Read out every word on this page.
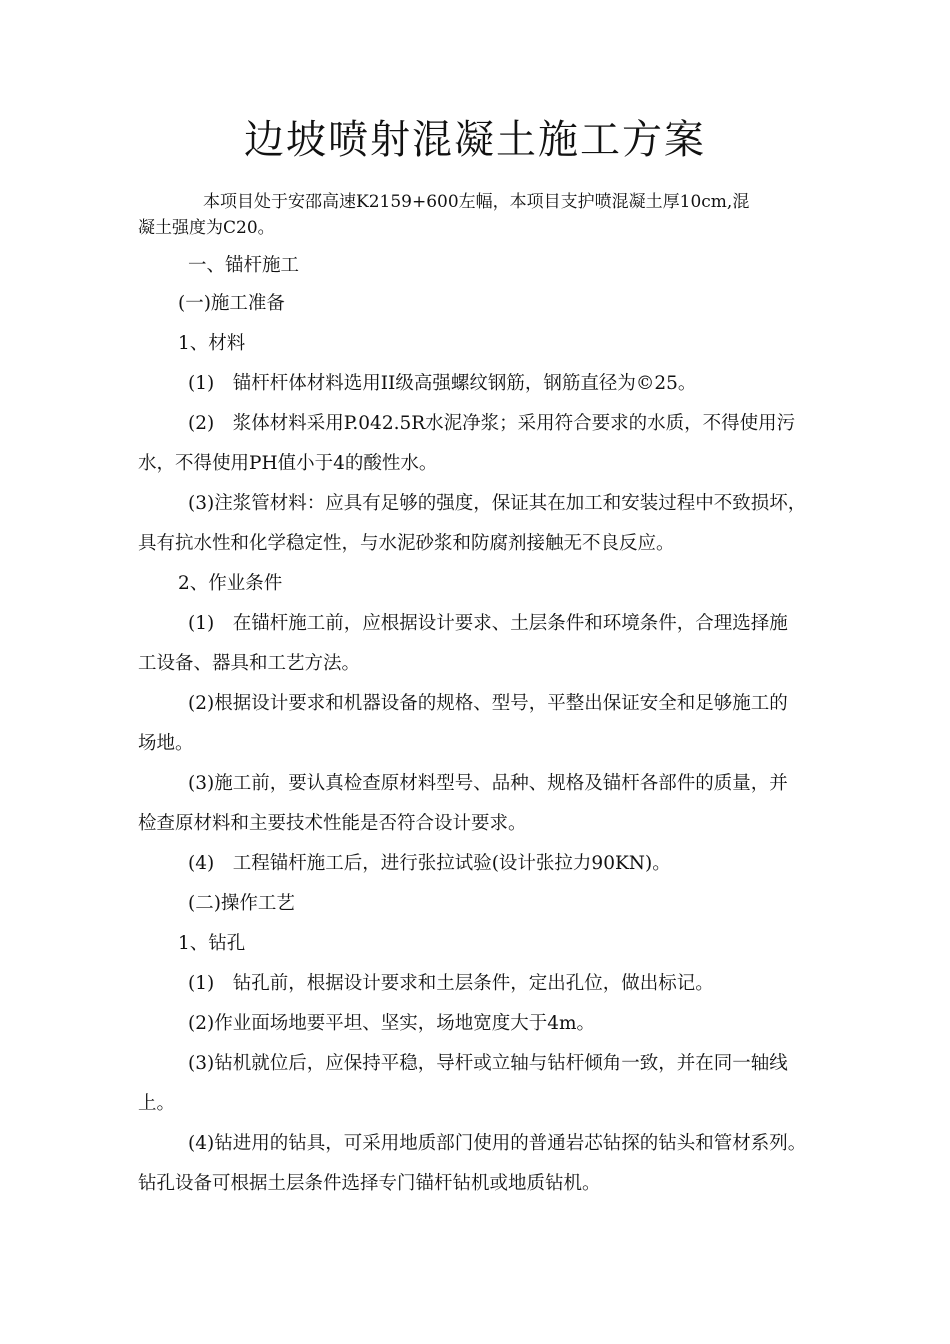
边坡喷射混凝土施工方案
本项目处于安邵高速K2159+600左幅，本项目支护喷混凝土厚10cm,混
凝土强度为C20。
一、锚杆施工
(一)施工准备
1、材料
(1)　锚杆杆体材料选用II级高强螺纹钢筋，钢筋直径为©25。
(2)　浆体材料采用P.042.5R水泥净浆；采用符合要求的水质，不得使用污
水，不得使用PH值小于4的酸性水。
(3)注浆管材料：应具有足够的强度，保证其在加工和安装过程中不致损坏，
具有抗水性和化学稳定性，与水泥砂浆和防腐剂接触无不良反应。
2、作业条件
(1)　在锚杆施工前，应根据设计要求、土层条件和环境条件，合理选择施
工设备、器具和工艺方法。
(2)根据设计要求和机器设备的规格、型号，平整出保证安全和足够施工的
场地。
(3)施工前，要认真检查原材料型号、品种、规格及锚杆各部件的质量，并
检查原材料和主要技术性能是否符合设计要求。
(4)　工程锚杆施工后，进行张拉试验(设计张拉力90KN)。
(二)操作工艺
1、钻孔
(1)　钻孔前，根据设计要求和土层条件，定出孔位，做出标记。
(2)作业面场地要平坦、坚实，场地宽度大于4m。
(3)钻机就位后，应保持平稳，导杆或立轴与钻杆倾角一致，并在同一轴线
上。
(4)钻进用的钻具，可采用地质部门使用的普通岩芯钻探的钻头和管材系列。
钻孔设备可根据土层条件选择专门锚杆钻机或地质钻机。
